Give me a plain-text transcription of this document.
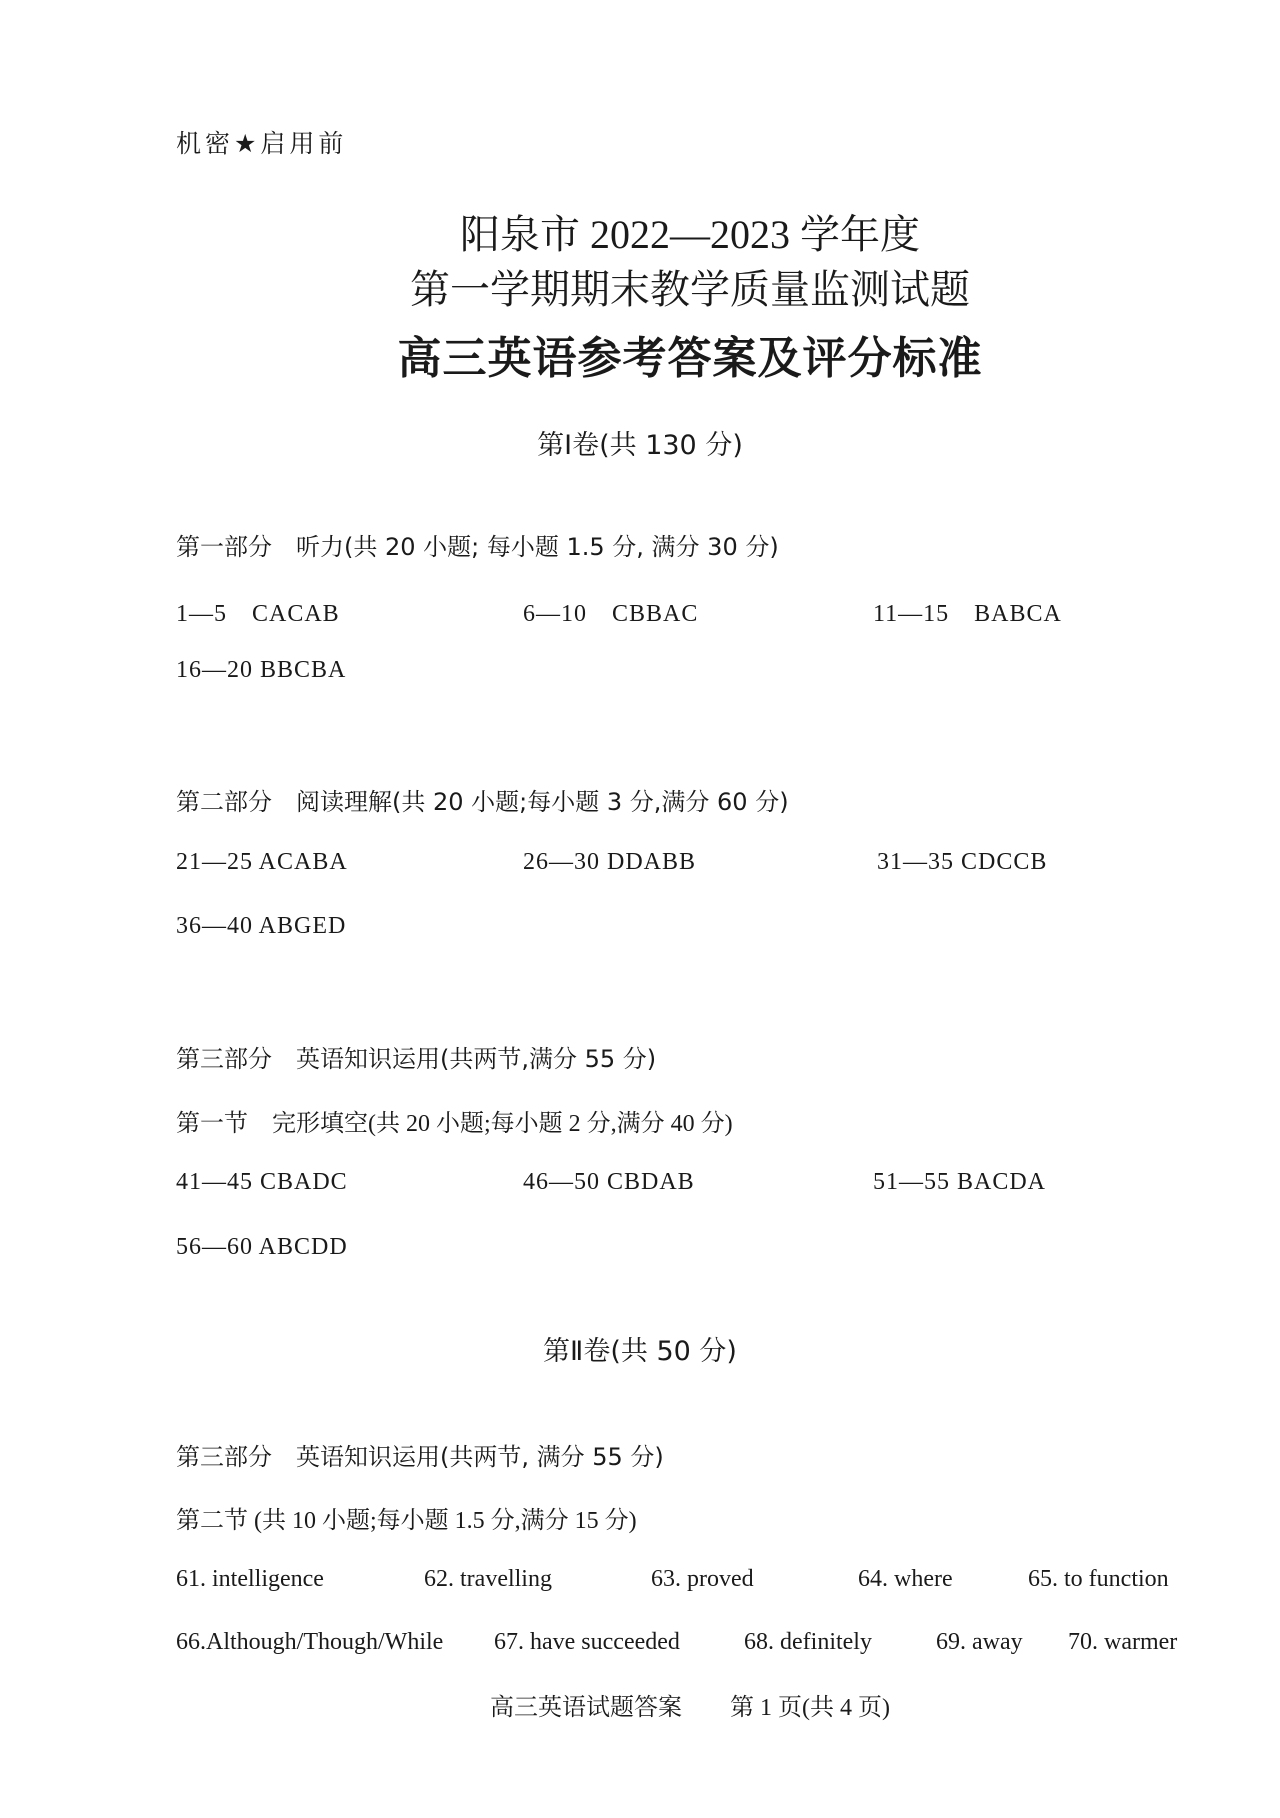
机密★启用前
阳泉市 2022—2023 学年度
第一学期期末教学质量监测试题
高三英语参考答案及评分标准
第Ⅰ卷(共 130 分)
第一部分　听力(共 20 小题; 每小题 1.5 分, 满分 30 分)
1—5　CACAB	6—10　CBBAC	11—15　BABCA
16—20 BBCBA
第二部分　阅读理解(共 20 小题;每小题 3 分,满分 60 分)
21—25 ACABA	26—30 DDABB	31—35 CDCCB
36—40 ABGED
第三部分　英语知识运用(共两节,满分 55 分)
第一节　完形填空(共 20 小题;每小题 2 分,满分 40 分)
41—45 CBADC	46—50 CBDAB	51—55 BACDA
56—60 ABCDD
第Ⅱ卷(共 50 分)
第三部分　英语知识运用(共两节, 满分 55 分)
第二节 (共 10 小题;每小题 1.5 分,满分 15 分)
61. intelligence	62. travelling	63. proved	64. where	65. to function
66.Although/Though/While 67. have succeeded	68. definitely	69. away 70. warmer
高三英语试题答案　　第 1 页(共 4 页)
